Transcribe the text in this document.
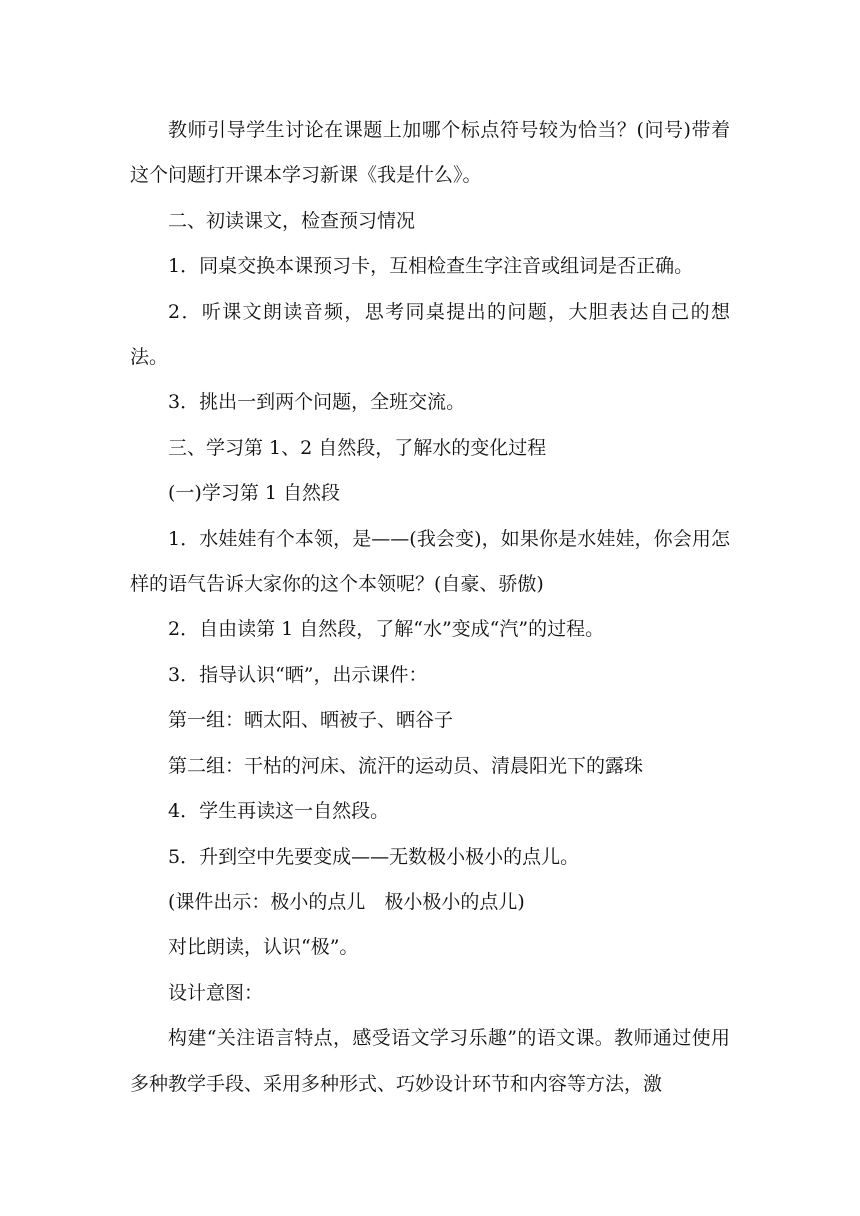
教师引导学生讨论在课题上加哪个标点符号较为恰当？(问号)带着这个问题打开课本学习新课《我是什么》。

二、初读课文，检查预习情况

1．同桌交换本课预习卡，互相检查生字注音或组词是否正确。

2．听课文朗读音频，思考同桌提出的问题，大胆表达自己的想法。

3．挑出一到两个问题，全班交流。

三、学习第 1、2 自然段，了解水的变化过程

(一)学习第 1 自然段

1．水娃娃有个本领，是——(我会变)，如果你是水娃娃，你会用怎样的语气告诉大家你的这个本领呢？(自豪、骄傲)

2．自由读第 1 自然段，了解“水”变成“汽”的过程。

3．指导认识“晒”，出示课件：

第一组：晒太阳、晒被子、晒谷子

第二组：干枯的河床、流汗的运动员、清晨阳光下的露珠

4．学生再读这一自然段。

5．升到空中先要变成——无数极小极小的点儿。

(课件出示：极小的点儿　极小极小的点儿)

对比朗读，认识“极”。

设计意图：

构建“关注语言特点，感受语文学习乐趣”的语文课。教师通过使用多种教学手段、采用多种形式、巧妙设计环节和内容等方法，激
